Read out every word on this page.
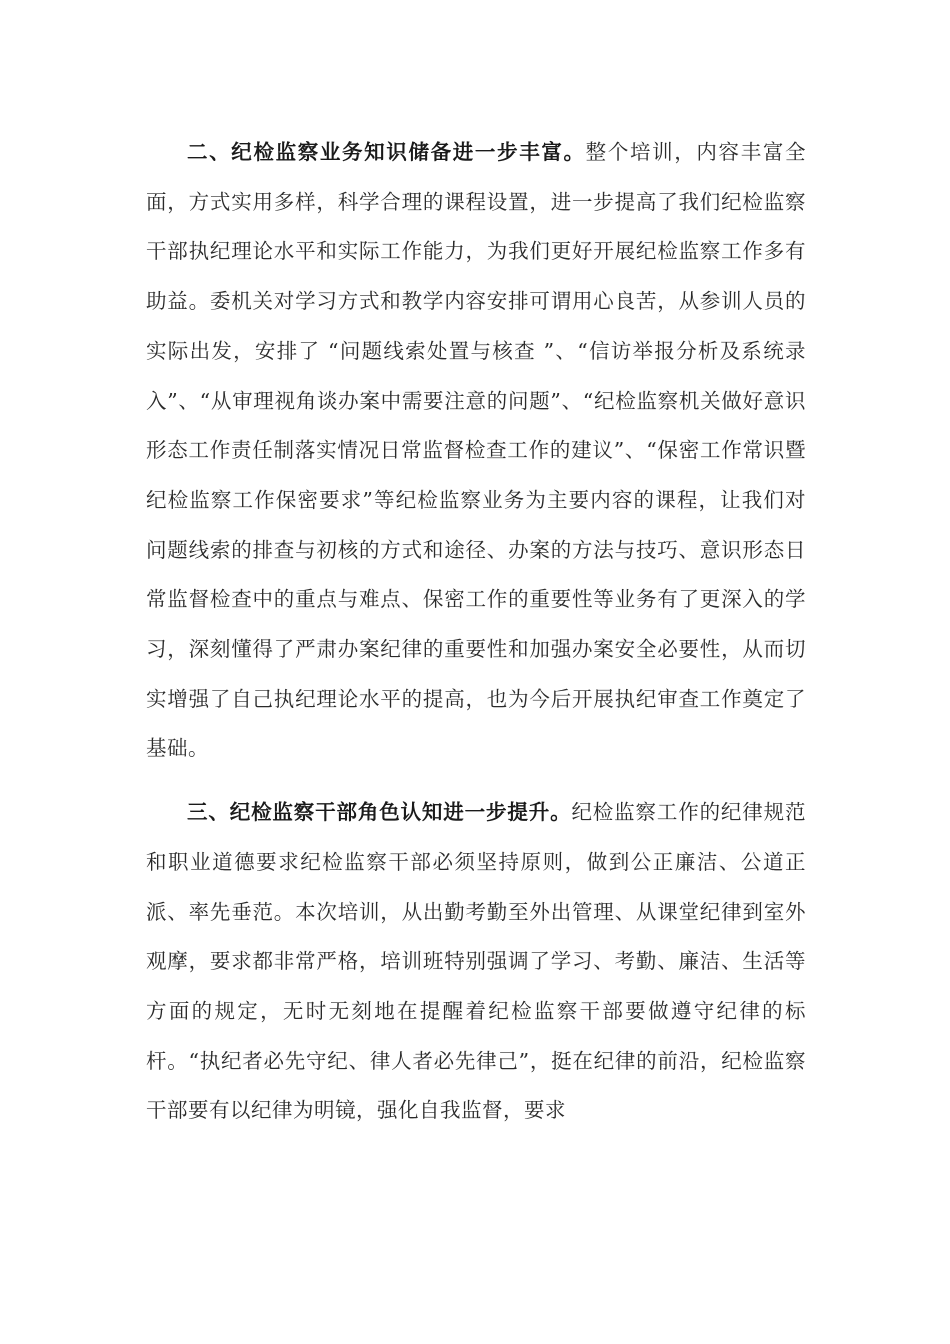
二、纪检监察业务知识储备进一步丰富。整个培训，内容丰富全面，方式实用多样，科学合理的课程设置，进一步提高了我们纪检监察干部执纪理论水平和实际工作能力，为我们更好开展纪检监察工作多有助益。委机关对学习方式和教学内容安排可谓用心良苦，从参训人员的实际出发，安排了 “问题线索处置与核查 ”、“信访举报分析及系统录入”、“从审理视角谈办案中需要注意的问题”、“纪检监察机关做好意识形态工作责任制落实情况日常监督检查工作的建议”、“保密工作常识暨纪检监察工作保密要求”等纪检监察业务为主要内容的课程，让我们对问题线索的排查与初核的方式和途径、办案的方法与技巧、意识形态日常监督检查中的重点与难点、保密工作的重要性等业务有了更深入的学习，深刻懂得了严肃办案纪律的重要性和加强办案安全必要性，从而切实增强了自己执纪理论水平的提高，也为今后开展执纪审查工作奠定了基础。

三、纪检监察干部角色认知进一步提升。纪检监察工作的纪律规范和职业道德要求纪检监察干部必须坚持原则，做到公正廉洁、公道正派、率先垂范。本次培训，从出勤考勤至外出管理、从课堂纪律到室外观摩，要求都非常严格，培训班特别强调了学习、考勤、廉洁、生活等方面的规定，无时无刻地在提醒着纪检监察干部要做遵守纪律的标杆。“执纪者必先守纪、律人者必先律己”，挺在纪律的前沿，纪检监察干部要有以纪律为明镜，强化自我监督，要求
